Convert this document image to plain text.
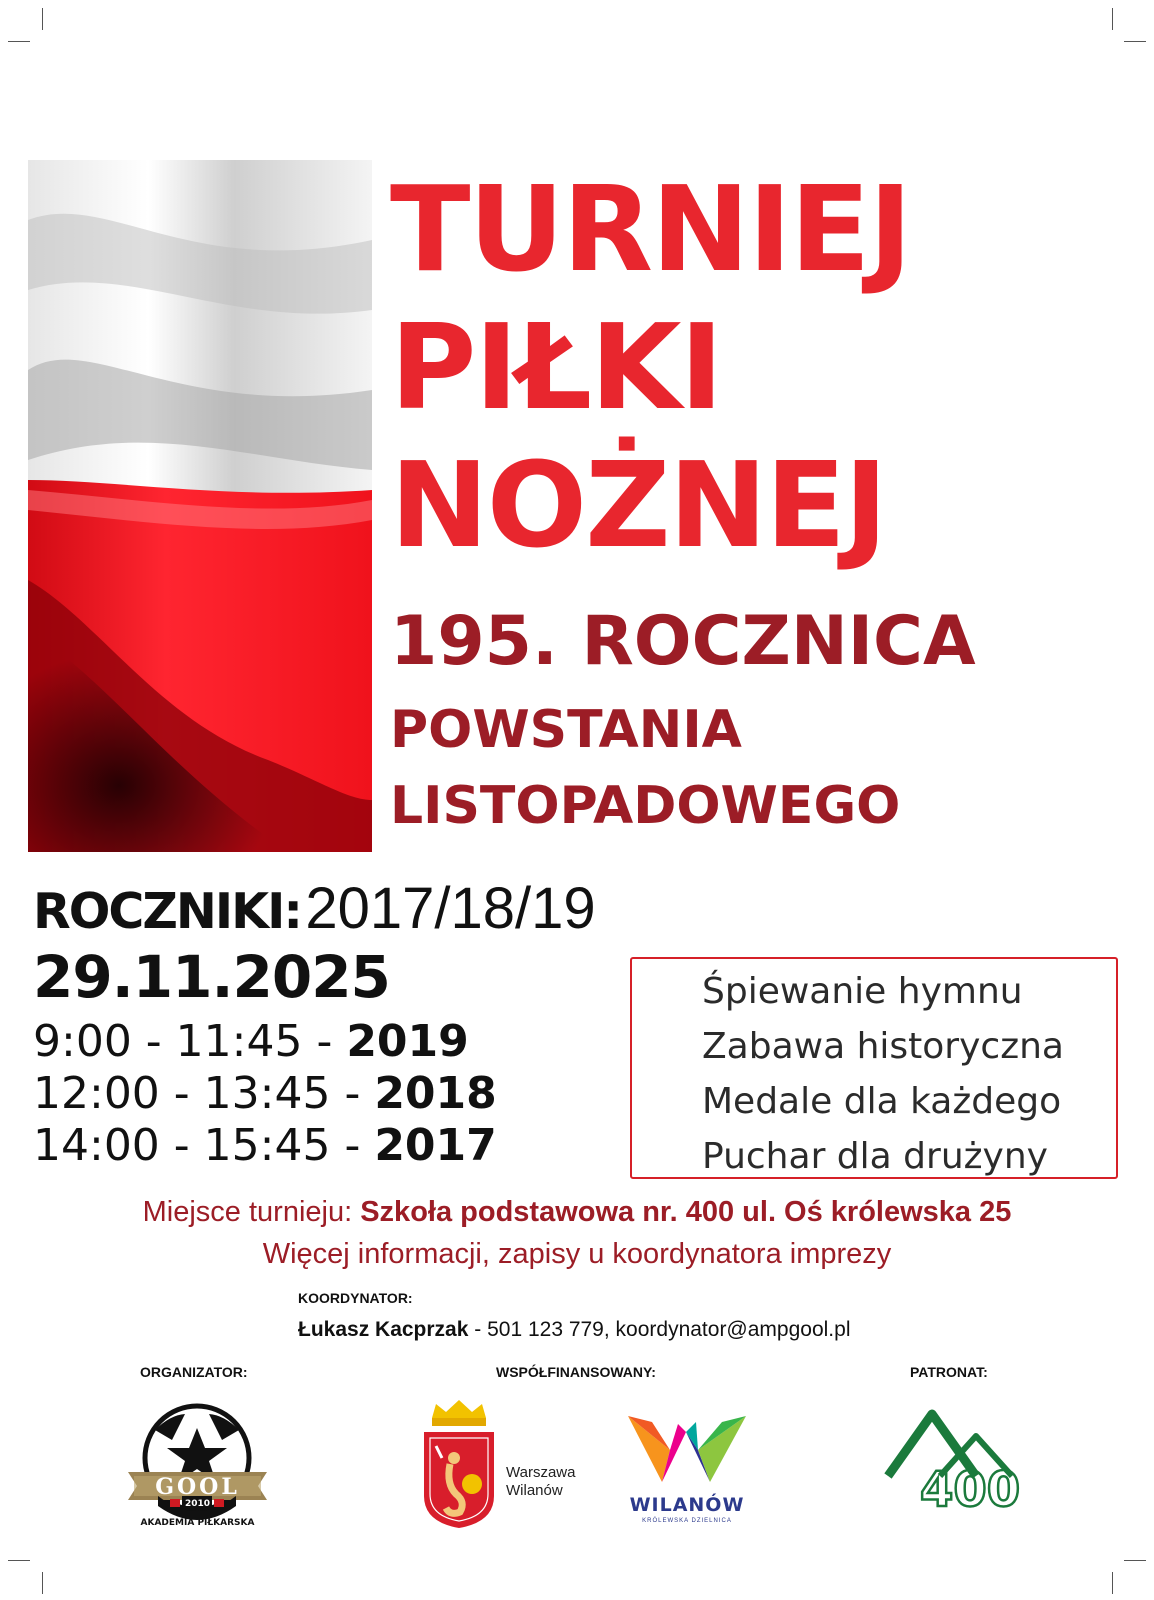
TURNIEJ
PIŁKI
NOŻNEJ
195. ROCZNICA
POWSTANIA
LISTOPADOWEGO
ROCZNIKI: 2017/18/19
29.11.2025
9:00 - 11:45 - 2019
12:00 - 13:45 - 2018
14:00 - 15:45 - 2017
Śpiewanie hymnu
Zabawa historyczna
Medale dla każdego
Puchar dla drużyny
Miejsce turnieju: Szkoła podstawowa nr. 400 ul. Oś królewska 25
Więcej informacji, zapisy u koordynatora imprezy
KOORDYNATOR:
Łukasz Kacprzak - 501 123 779, koordynator@ampgool.pl
ORGANIZATOR:	WSPÓŁFINANSOWANY:	PATRONAT:
GOOL
2010
AKADEMIA PIŁKARSKA
Warszawa
Wilanów
WILANÓW
KRÓLEWSKA DZIELNICA
400
